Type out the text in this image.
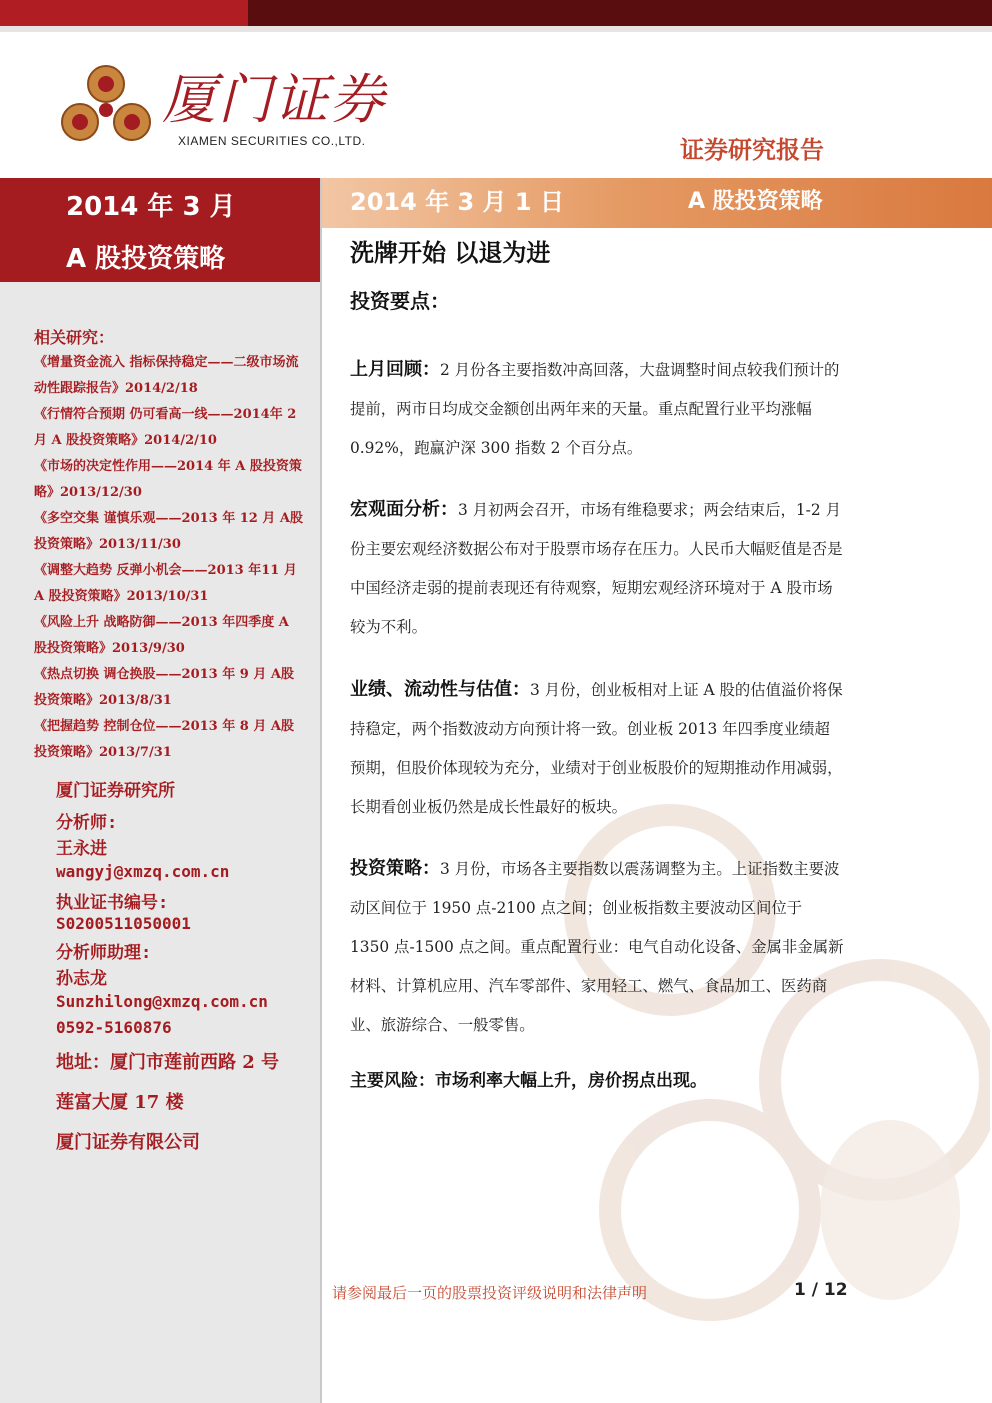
厦门证券
XIAMEN SECURITIES CO.,LTD.	证券研究报告
2014 年 3 月
A 股投资策略
2014 年 3 月 1 日	A 股投资策略
洗牌开始 以退为进
投资要点：
上月回顾：2 月份各主要指数冲高回落，大盘调整时间点较我们预计的提前，两市日均成交金额创出两年来的天量。重点配置行业平均涨幅 0.92%，跑赢沪深 300 指数 2 个百分点。
宏观面分析：3 月初两会召开，市场有维稳要求；两会结束后，1-2 月份主要宏观经济数据公布对于股票市场存在压力。人民币大幅贬值是否是中国经济走弱的提前表现还有待观察，短期宏观经济环境对于 A 股市场较为不利。
业绩、流动性与估值：3 月份，创业板相对上证 A 股的估值溢价将保持稳定，两个指数波动方向预计将一致。创业板 2013 年四季度业绩超预期，但股价体现较为充分，业绩对于创业板股价的短期推动作用减弱，长期看创业板仍然是成长性最好的板块。
投资策略：3 月份，市场各主要指数以震荡调整为主。上证指数主要波动区间位于 1950 点-2100 点之间；创业板指数主要波动区间位于 1350 点-1500 点之间。重点配置行业：电气自动化设备、金属非金属新材料、计算机应用、汽车零部件、家用轻工、燃气、食品加工、医药商业、旅游综合、一般零售。
主要风险：市场利率大幅上升，房价拐点出现。
相关研究：
《增量资金流入 指标保持稳定——二级市场流动性跟踪报告》2014/2/18
《行情符合预期 仍可看高一线——2014年 2 月 A 股投资策略》2014/2/10
《市场的决定性作用——2014 年 A 股投资策略》2013/12/30
《多空交集 谨慎乐观——2013 年 12 月 A股投资策略》2013/11/30
《调整大趋势 反弹小机会——2013 年11 月 A 股投资策略》2013/10/31
《风险上升 战略防御——2013 年四季度 A 股投资策略》2013/9/30
《热点切换 调仓换股——2013 年 9 月 A股投资策略》2013/8/31
《把握趋势 控制仓位——2013 年 8 月 A股投资策略》2013/7/31
厦门证券研究所
分析师:
王永进
wangyj@xmzq.com.cn
执业证书编号:
S0200511050001
分析师助理:
孙志龙
Sunzhilong@xmzq.com.cn
0592-5160876
地址：厦门市莲前西路 2 号
莲富大厦 17 楼
厦门证券有限公司
请参阅最后一页的股票投资评级说明和法律声明	1 / 12
